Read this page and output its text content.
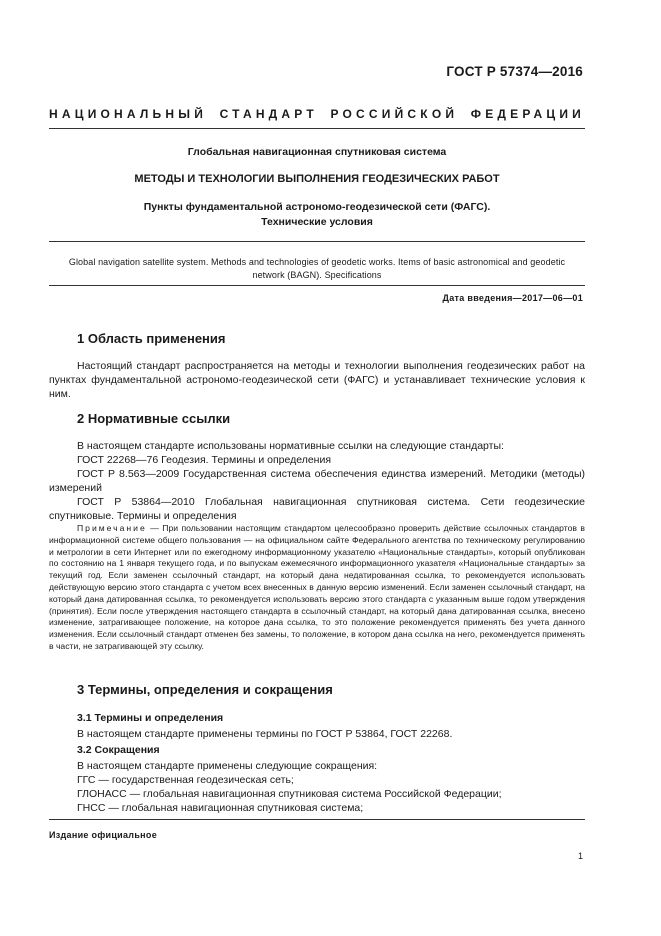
ГОСТ Р 57374—2016
НАЦИОНАЛЬНЫЙ СТАНДАРТ РОССИЙСКОЙ ФЕДЕРАЦИИ
Глобальная навигационная спутниковая система
МЕТОДЫ И ТЕХНОЛОГИИ ВЫПОЛНЕНИЯ ГЕОДЕЗИЧЕСКИХ РАБОТ
Пункты фундаментальной астрономо-геодезической сети (ФАГС).
Технические условия
Global navigation satellite system. Methods and technologies of geodetic works. Items of basic astronomical and geodetic
network (BAGN). Specifications
Дата введения—2017—06—01
1 Область применения
Настоящий стандарт распространяется на методы и технологии выполнения геодезических работ на пунктах фундаментальной астрономо-геодезической сети (ФАГС) и устанавливает технические условия к ним.
2 Нормативные ссылки
В настоящем стандарте использованы нормативные ссылки на следующие стандарты:
ГОСТ 22268—76 Геодезия. Термины и определения
ГОСТ Р 8.563—2009 Государственная система обеспечения единства измерений. Методики (методы) измерений
ГОСТ Р 53864—2010 Глобальная навигационная спутниковая система. Сети геодезические спутниковые. Термины и определения
Примечание — При пользовании настоящим стандартом целесообразно проверить действие ссылочных стандартов в информационной системе общего пользования — на официальном сайте Федерального агентства по техническому регулированию и метрологии в сети Интернет или по ежегодному информационному указателю «Национальные стандарты», который опубликован по состоянию на 1 января текущего года, и по выпускам ежемесячного информационного указателя «Национальные стандарты» за текущий год. Если заменен ссылочный стандарт, на который дана недатированная ссылка, то рекомендуется использовать действующую версию этого стандарта с учетом всех внесенных в данную версию изменений. Если заменен ссылочный стандарт, на который дана датированная ссылка, то рекомендуется использовать версию этого стандарта с указанным выше годом утверждения (принятия). Если после утверждения настоящего стандарта в ссылочный стандарт, на который дана датированная ссылка, внесено изменение, затрагивающее положение, на которое дана ссылка, то это положение рекомендуется применять без учета данного изменения. Если ссылочный стандарт отменен без замены, то положение, в котором дана ссылка на него, рекомендуется применять в части, не затрагивающей эту ссылку.
3 Термины, определения и сокращения
3.1 Термины и определения
В настоящем стандарте применены термины по ГОСТ Р 53864, ГОСТ 22268.
3.2 Сокращения
В настоящем стандарте применены следующие сокращения:
ГГС — государственная геодезическая сеть;
ГЛОНАСС — глобальная навигационная спутниковая система Российской Федерации;
ГНСС — глобальная навигационная спутниковая система;
Издание официальное
1
